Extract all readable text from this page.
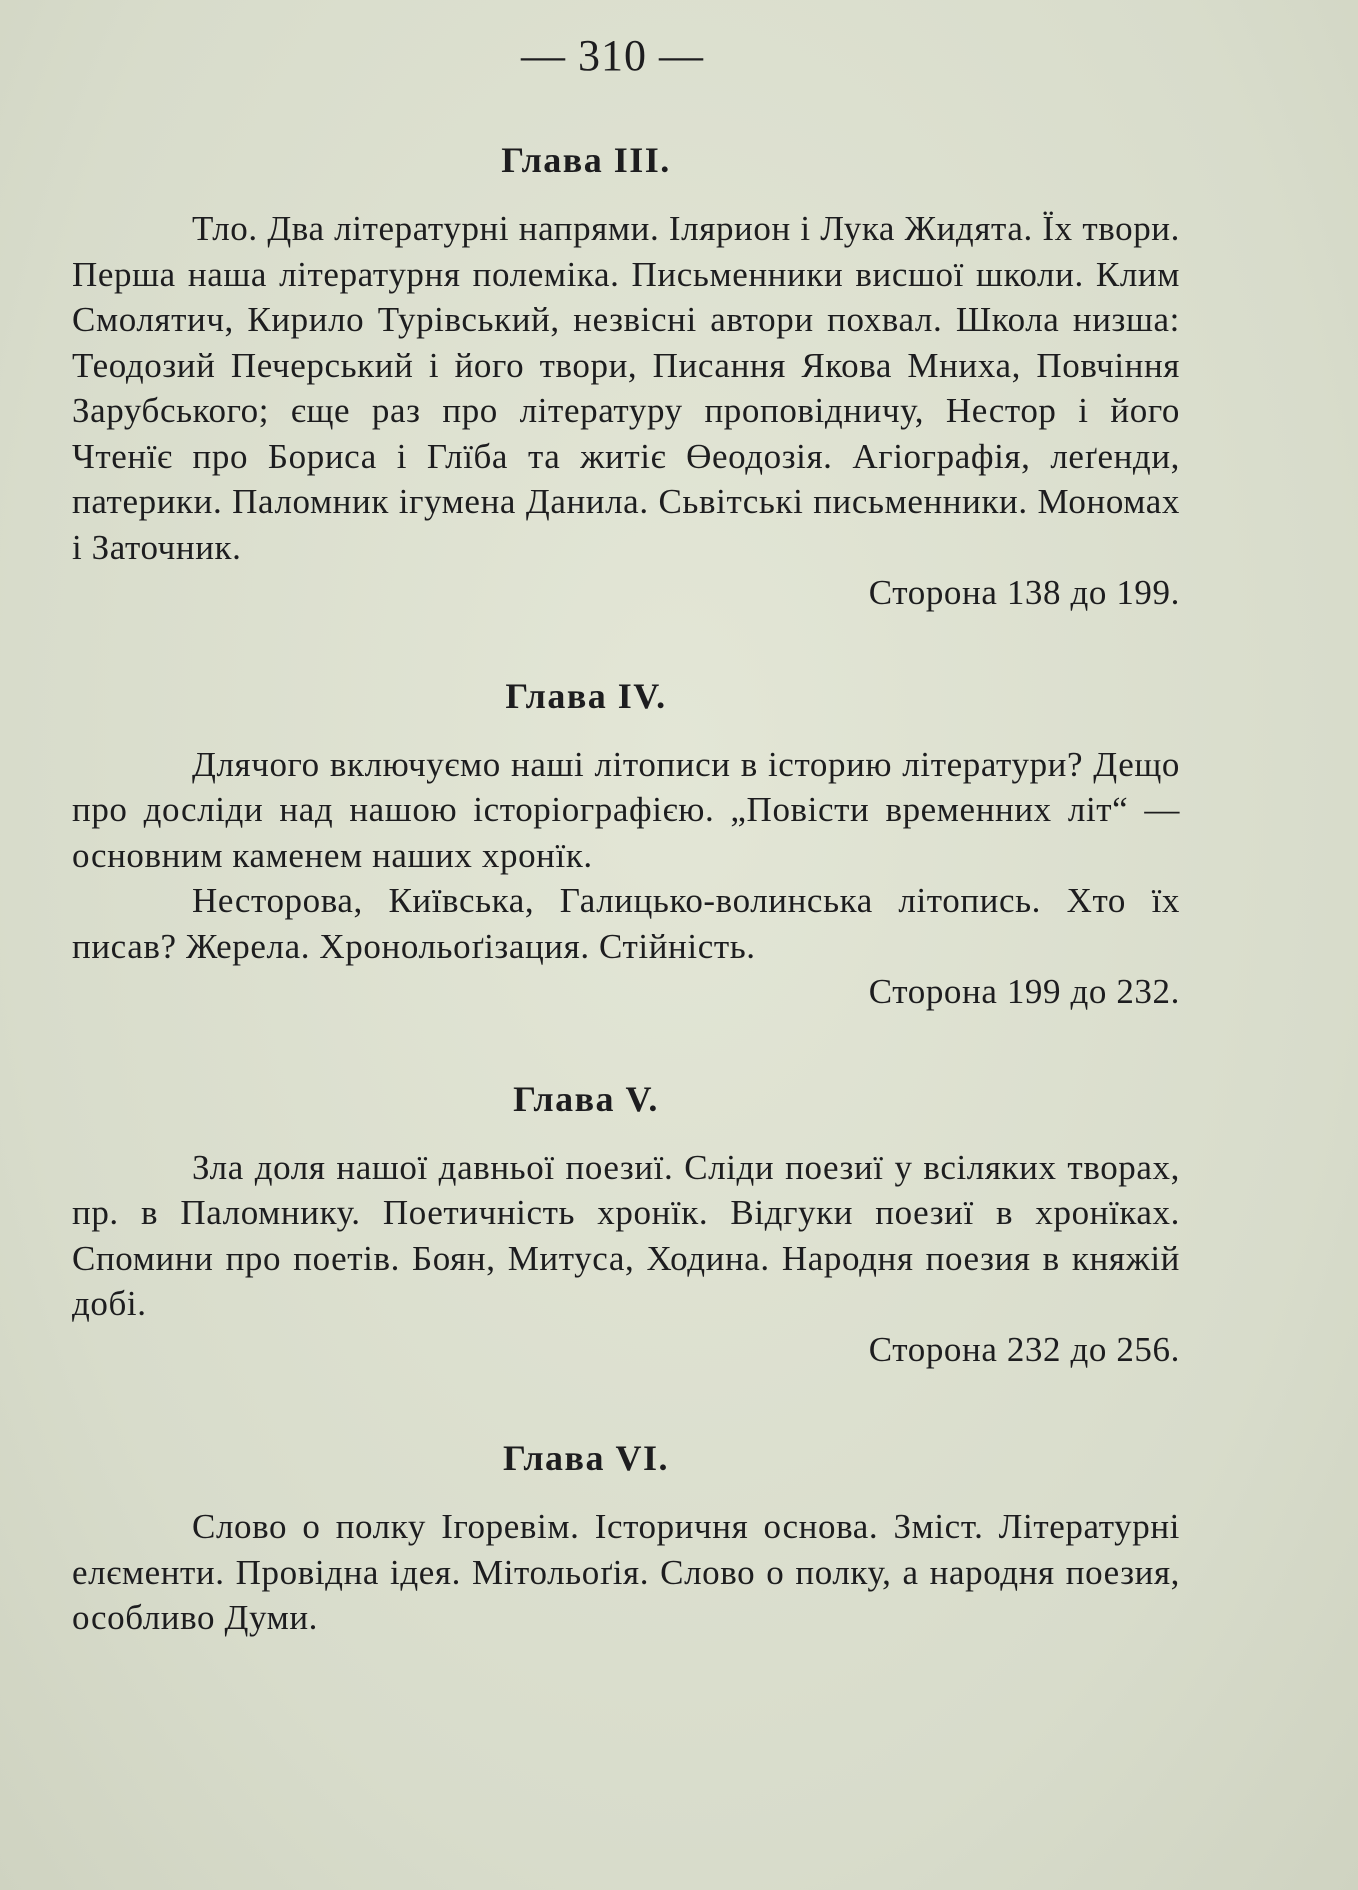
— 310 —
Глава III.

Тло. Два літературні напрями. Ілярион і Лука Жидята. Їх твори. Перша наша літературня полеміка. Письменники висшої школи. Клим Смолятич, Кирило Турівський, незвісні автори похвал. Школа низша: Теодозий Печерський і його твори, Писання Якова Мниха, Повчіння Зарубського; єще раз про літературу проповідничу, Нестор і його Чтенїє про Бориса і Глїба та житіє Өеодозія. Агіографія, леґенди, патерики. Паломник ігумена Данила. Сьвітські письменники. Мономах і Заточник.

Сторона 138 до 199.

Глава IV.

Длячого включуємо наші літописи в історию літератури? Дещо про досліди над нашою історіографією. „Повісти временних літ“ — основним каменем наших хронїк.

Несторова, Київська, Галицько-волинська літопись. Хто їх писав? Жерела. Хронольоґізация. Стійність.

Сторона 199 до 232.

Глава V.

Зла доля нашої давньої поезиї. Сліди поезиї у всіляких творах, пр. в Паломнику. Поетичність хронїк. Відгуки поезиї в хронїках. Спомини про поетів. Боян, Митуса, Ходина. Народня поезия в княжій добі.

Сторона 232 до 256.

Глава VI.

Слово о полку Ігоревім. Історичня основа. Зміст. Літературні елєменти. Провідна ідея. Мітольоґія. Слово о полку, а народня поезия, особливо Думи.
